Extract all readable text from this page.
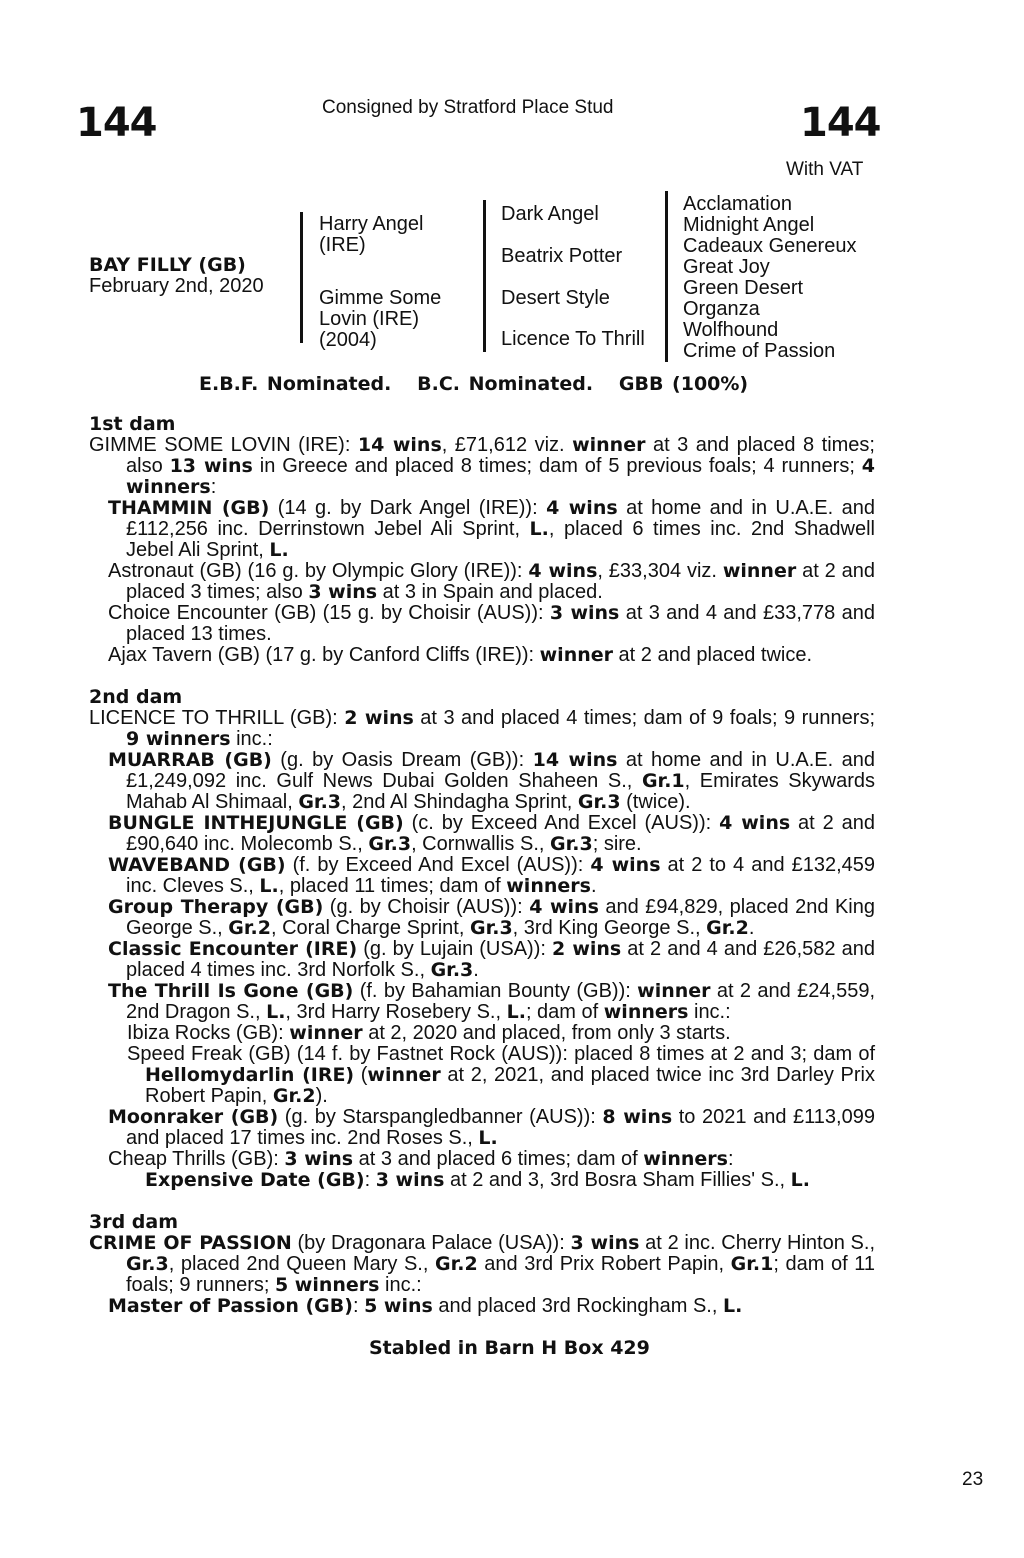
144	Consigned by Stratford Place Stud	144
With VAT
BAY FILLY (GB)
February 2nd, 2020
Harry Angel
(IRE)
Gimme Some
Lovin (IRE)
(2004)
Dark Angel
Beatrix Potter
Desert Style
Licence To Thrill
Acclamation
Midnight Angel
Cadeaux Genereux
Great Joy
Green Desert
Organza
Wolfhound
Crime of Passion
E.B.F. Nominated.   B.C. Nominated.   GBB (100%)

1st dam

GIMME SOME LOVIN (IRE): 14 wins, £71,612 viz. winner at 3 and placed 8 times; also 13 wins in Greece and placed 8 times; dam of 5 previous foals; 4 runners; 4 winners:

THAMMIN (GB) (14 g. by Dark Angel (IRE)): 4 wins at home and in U.A.E. and £112,256 inc. Derrinstown Jebel Ali Sprint, L., placed 6 times inc. 2nd Shadwell Jebel Ali Sprint, L.

Astronaut (GB) (16 g. by Olympic Glory (IRE)): 4 wins, £33,304 viz. winner at 2 and placed 3 times; also 3 wins at 3 in Spain and placed.

Choice Encounter (GB) (15 g. by Choisir (AUS)): 3 wins at 3 and 4 and £33,778 and placed 13 times.

Ajax Tavern (GB) (17 g. by Canford Cliffs (IRE)): winner at 2 and placed twice.

2nd dam

LICENCE TO THRILL (GB): 2 wins at 3 and placed 4 times; dam of 9 foals; 9 runners; 9 winners inc.:

MUARRAB (GB) (g. by Oasis Dream (GB)): 14 wins at home and in U.A.E. and £1,249,092 inc. Gulf News Dubai Golden Shaheen S., Gr.1, Emirates Skywards Mahab Al Shimaal, Gr.3, 2nd Al Shindagha Sprint, Gr.3 (twice).

BUNGLE INTHEJUNGLE (GB) (c. by Exceed And Excel (AUS)): 4 wins at 2 and £90,640 inc. Molecomb S., Gr.3, Cornwallis S., Gr.3; sire.

WAVEBAND (GB) (f. by Exceed And Excel (AUS)): 4 wins at 2 to 4 and £132,459 inc. Cleves S., L., placed 11 times; dam of winners.

Group Therapy (GB) (g. by Choisir (AUS)): 4 wins and £94,829, placed 2nd King George S., Gr.2, Coral Charge Sprint, Gr.3, 3rd King George S., Gr.2.

Classic Encounter (IRE) (g. by Lujain (USA)): 2 wins at 2 and 4 and £26,582 and placed 4 times inc. 3rd Norfolk S., Gr.3.

The Thrill Is Gone (GB) (f. by Bahamian Bounty (GB)): winner at 2 and £24,559, 2nd Dragon S., L., 3rd Harry Rosebery S., L.; dam of winners inc.:

Ibiza Rocks (GB): winner at 2, 2020 and placed, from only 3 starts.

Speed Freak (GB) (14 f. by Fastnet Rock (AUS)): placed 8 times at 2 and 3; dam of Hellomydarlin (IRE) (winner at 2, 2021, and placed twice inc 3rd Darley Prix Robert Papin, Gr.2).

Moonraker (GB) (g. by Starspangledbanner (AUS)): 8 wins to 2021 and £113,099 and placed 17 times inc. 2nd Roses S., L.

Cheap Thrills (GB): 3 wins at 3 and placed 6 times; dam of winners:

Expensive Date (GB): 3 wins at 2 and 3, 3rd Bosra Sham Fillies' S., L.

3rd dam

CRIME OF PASSION (by Dragonara Palace (USA)): 3 wins at 2 inc. Cherry Hinton S., Gr.3, placed 2nd Queen Mary S., Gr.2 and 3rd Prix Robert Papin, Gr.1; dam of 11 foals; 9 runners; 5 winners inc.:

Master of Passion (GB): 5 wins and placed 3rd Rockingham S., L.

Stabled in Barn H Box 429
23
